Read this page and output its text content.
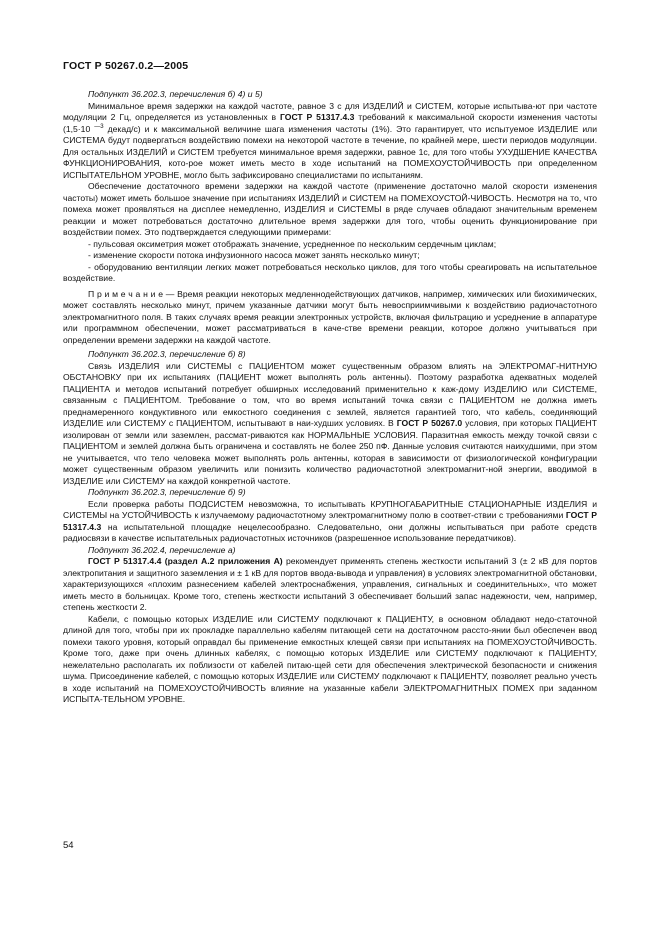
ГОСТ Р 50267.0.2—2005

Подпункт 36.202.3, перечисления б) 4) и 5)

Минимальное время задержки на каждой частоте, равное 3 с для ИЗДЕЛИЙ и СИСТЕМ, которые испытыва-ют при частоте модуляции 2 Гц, определяется из установленных в ГОСТ Р 51317.4.3 требований к максимальной скорости изменения частоты (1,5·10 $^{—3}$ декад/с) и к максимальной величине шага изменения частоты (1%). Это гарантирует, что испытуемое ИЗДЕЛИЕ или СИСТЕМА будут подвергаться воздействию помехи на некоторой частоте в течение, по крайней мере, шести периодов модуляции. Для остальных ИЗДЕЛИЙ и СИСТЕМ требуется минимальное время задержки, равное 1с, для того чтобы УХУДШЕНИЕ КАЧЕСТВА ФУНКЦИОНИРОВАНИЯ, кото-рое может иметь место в ходе испытаний на ПОМЕХОУСТОЙЧИВОСТЬ при определенном ИСПЫТАТЕЛЬНОМ УРОВНЕ, могло быть зафиксировано специалистами по испытаниям.

Обеспечение достаточного времени задержки на каждой частоте (применение достаточно малой скорости изменения частоты) может иметь большое значение при испытаниях ИЗДЕЛИЙ и СИСТЕМ на ПОМЕХОУСТОЙ-ЧИВОСТЬ. Несмотря на то, что помеха может проявляться на дисплее немедленно, ИЗДЕЛИЯ и СИСТЕМЫ в ряде случаев обладают значительным временем реакции и может потребоваться достаточно длительное время задержки для того, чтобы оценить функционирование при воздействии помех. Это подтверждается следующими примерами:

- пульсовая оксиметрия может отображать значение, усредненное по нескольким сердечным циклам;

- изменение скорости потока инфузионного насоса может занять несколько минут;

- оборудованию вентиляции легких может потребоваться несколько циклов, для того чтобы среагировать на испытательное воздействие.

П р и м е ч а н и е — Время реакции некоторых медленнодействующих датчиков, например, химических или биохимических, может составлять несколько минут, причем указанные датчики могут быть невосприимчивыми к воздействию радиочастотного электромагнитного поля. В таких случаях время реакции электронных устройств, включая фильтрацию и усреднение в аппаратуре или программном обеспечении, может рассматриваться в каче-стве времени реакции, которое должно учитываться при определении времени задержки на каждой частоте.

Подпункт 36.202.3, перечисление б) 8)

Связь ИЗДЕЛИЯ или СИСТЕМЫ с ПАЦИЕНТОМ может существенным образом влиять на ЭЛЕКТРОМАГ-НИТНУЮ ОБСТАНОВКУ при их испытаниях (ПАЦИЕНТ может выполнять роль антенны). Поэтому разработка адекватных моделей ПАЦИЕНТА и методов испытаний потребует обширных исследований применительно к каж-дому ИЗДЕЛИЮ или СИСТЕМЕ, связанным с ПАЦИЕНТОМ. Требование о том, что во время испытаний точка связи с ПАЦИЕНТОМ не должна иметь преднамеренного кондуктивного или емкостного соединения с землей, является гарантией того, что кабель, соединяющий ИЗДЕЛИЕ или СИСТЕМУ с ПАЦИЕНТОМ, испытывают в наи-худших условиях. В ГОСТ Р 50267.0 условия, при которых ПАЦИЕНТ изолирован от земли или заземлен, рассмат-риваются как НОРМАЛЬНЫЕ УСЛОВИЯ. Паразитная емкость между точкой связи с ПАЦИЕНТОМ и землей должна быть ограничена и составлять не более 250 пФ. Данные условия считаются наихудшими, при этом не учитывается, что тело человека может выполнять роль антенны, которая в зависимости от физиологической конфигурации может существенным образом увеличить или понизить количество радиочастотной электромагнит-ной энергии, вводимой в ИЗДЕЛИЕ или СИСТЕМУ на каждой конкретной частоте.

Подпункт 36.202.3, перечисление б) 9)

Если проверка работы ПОДСИСТЕМ невозможна, то испытывать КРУПНОГАБАРИТНЫЕ СТАЦИОНАРНЫЕ ИЗДЕЛИЯ и СИСТЕМЫ на УСТОЙЧИВОСТЬ к излучаемому радиочастотному электромагнитному полю в соответ-ствии с требованиями ГОСТ Р 51317.4.3 на испытательной площадке нецелесообразно. Следовательно, они должны испытываться при работе средств радиосвязи в качестве испытательных радиочастотных источников (разрешенное использование передатчиков).

Подпункт 36.202.4, перечисление а)

ГОСТ Р 51317.4.4 (раздел А.2 приложения А) рекомендует применять степень жесткости испытаний 3 (± 2 кВ для портов электропитания и защитного заземления и ± 1 кВ для портов ввода-вывода и управления) в условиях электромагнитной обстановки, характеризующихся «плохим разнесением кабелей электроснабжения, управления, сигнальных и соединительных», что может иметь место в больницах. Кроме того, степень жесткости испытаний 3 обеспечивает больший запас надежности, чем, например, степень жесткости 2.

Кабели, с помощью которых ИЗДЕЛИЕ или СИСТЕМУ подключают к ПАЦИЕНТУ, в основном обладают недо-статочной длиной для того, чтобы при их прокладке параллельно кабелям питающей сети на достаточном рассто-янии был обеспечен ввод помехи такого уровня, который оправдал бы применение емкостных клещей связи при испытаниях на ПОМЕХОУСТОЙЧИВОСТЬ. Кроме того, даже при очень длинных кабелях, с помощью которых ИЗДЕЛИЕ или СИСТЕМУ подключают к ПАЦИЕНТУ, нежелательно располагать их поблизости от кабелей питаю-щей сети для обеспечения электрической безопасности и снижения шума. Присоединение кабелей, с помощью которых ИЗДЕЛИЕ или СИСТЕМУ подключают к ПАЦИЕНТУ, позволяет реально учесть в ходе испытаний на ПОМЕХОУСТОЙЧИВОСТЬ влияние на указанные кабели ЭЛЕКТРОМАГНИТНЫХ ПОМЕХ при заданном ИСПЫТА-ТЕЛЬНОМ УРОВНЕ.

54
